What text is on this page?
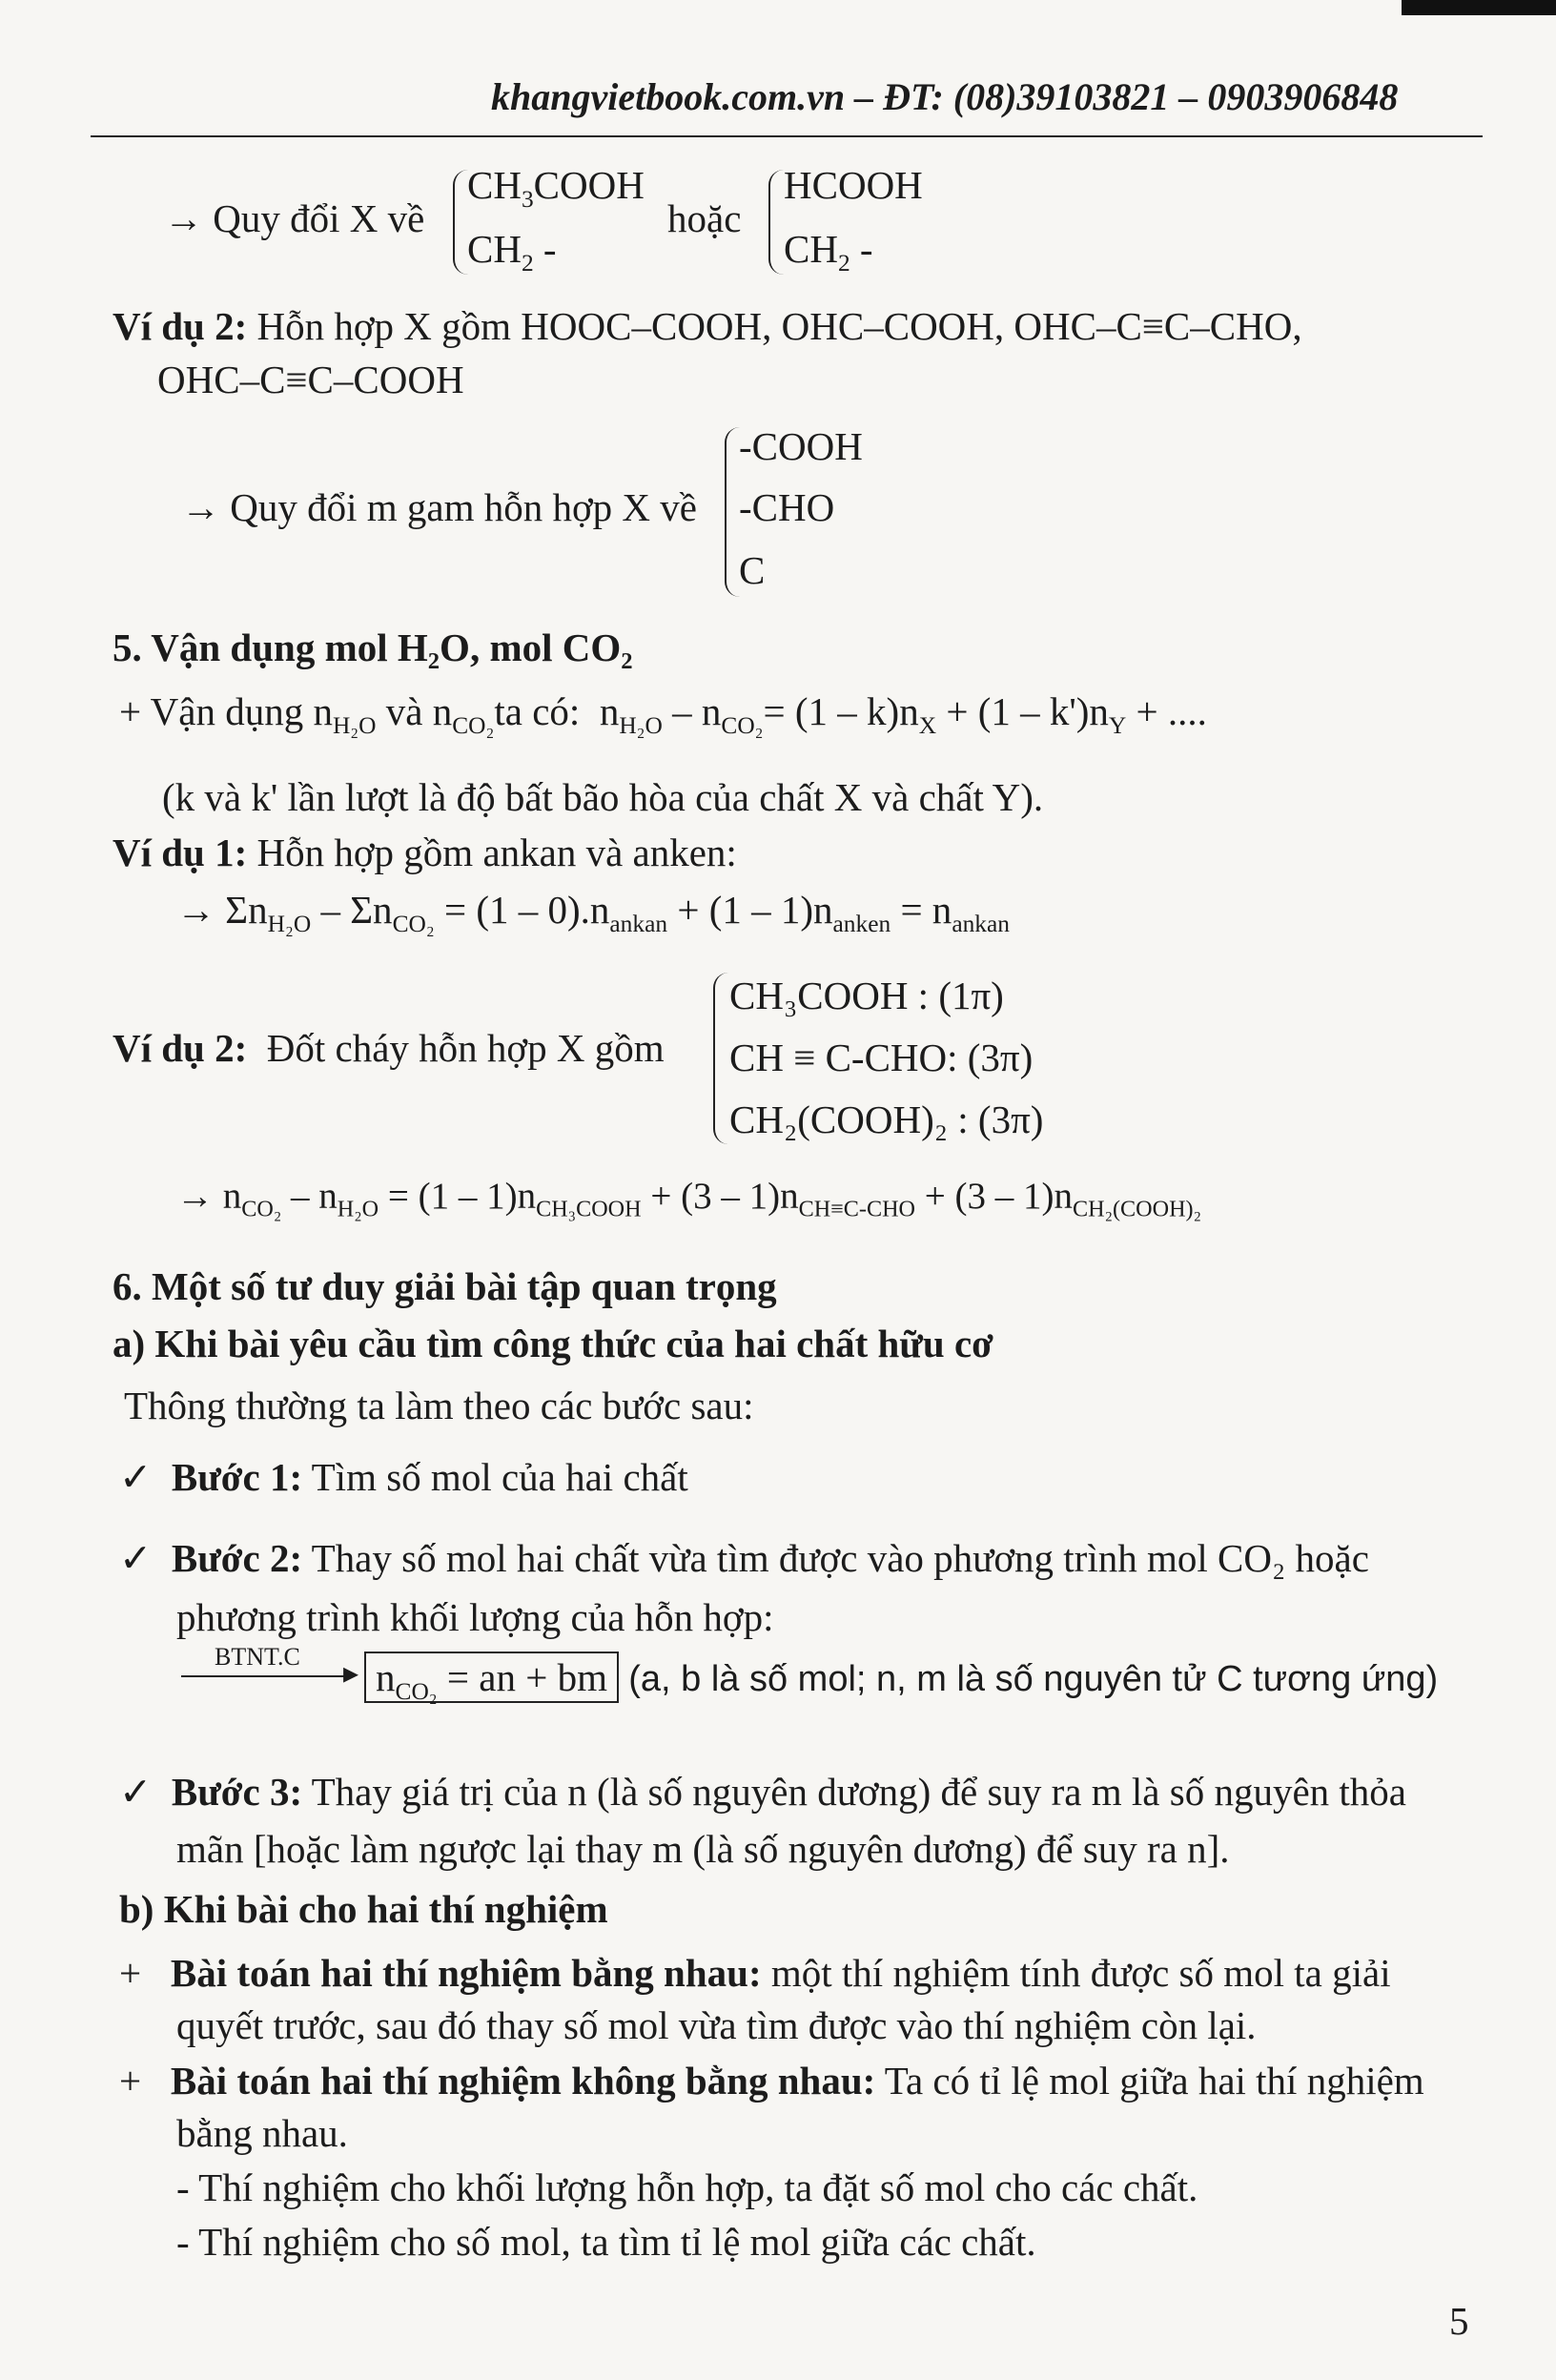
khangvietbook.com.vn – ĐT: (08)39103821 – 0903906848
→ Quy đổi X về
$CH_3COOH$
$CH_2$ -
hoặc
HCOOH
$CH_2$ -
Ví dụ 2: Hỗn hợp X gồm HOOC–COOH, OHC–COOH, OHC–C≡C–CHO,
OHC–C≡C–COOH
→ Quy đổi m gam hỗn hợp X về
-COOH
-CHO
C
5. Vận dụng mol H₂O, mol CO₂
+ Vận dụng $n_{H_2O}$ và $n_{CO_2}ta$ có: $n_{H_2O} - n_{CO_2}= (1 - k)n_X + (1 - k')n_Y$ + ....
(k và k' lần lượt là độ bất bão hòa của chất X và chất Y).
Ví dụ 1: Hỗn hợp gồm ankan và anken:
→ $\Sigma n_{H_2O} - \Sigma n_{CO_2} = (1 - 0).n_{ankan} + (1 - 1)n_{anken} = n_{ankan}$
Ví dụ 2: Đốt cháy hỗn hợp X gồm
CH₃COOH : (1π)
CH ≡ C-CHO: (3π)
CH₂(COOH)₂ : (3π)
→ $n_{CO_2} - n_{H_2O} = (1 - 1)n_{CH_3COOH} + (3 - 1)n_{CH\equiv C-CHO} + (3 - 1)n_{CH_2(COOH)_2}$
6. Một số tư duy giải bài tập quan trọng
a) Khi bài yêu cầu tìm công thức của hai chất hữu cơ
Thông thường ta làm theo các bước sau:
✓ Bước 1: Tìm số mol của hai chất
✓ Bước 2: Thay số mol hai chất vừa tìm được vào phương trình mol CO₂ hoặc
phương trình khối lượng của hỗn hợp:
BTNT.C ▸ $n_{CO_2}$ = an + bm (a, b là số mol; n, m là số nguyên tử C tương ứng)
✓ Bước 3: Thay giá trị của n (là số nguyên dương) để suy ra m là số nguyên thỏa
mãn [hoặc làm ngược lại thay m (là số nguyên dương) để suy ra n].
b) Khi bài cho hai thí nghiệm
+   Bài toán hai thí nghiệm bằng nhau: một thí nghiệm tính được số mol ta giải
quyết trước, sau đó thay số mol vừa tìm được vào thí nghiệm còn lại.
+   Bài toán hai thí nghiệm không bằng nhau: Ta có tỉ lệ mol giữa hai thí nghiệm
bằng nhau.
- Thí nghiệm cho khối lượng hỗn hợp, ta đặt số mol cho các chất.
- Thí nghiệm cho số mol, ta tìm tỉ lệ mol giữa các chất.
5
